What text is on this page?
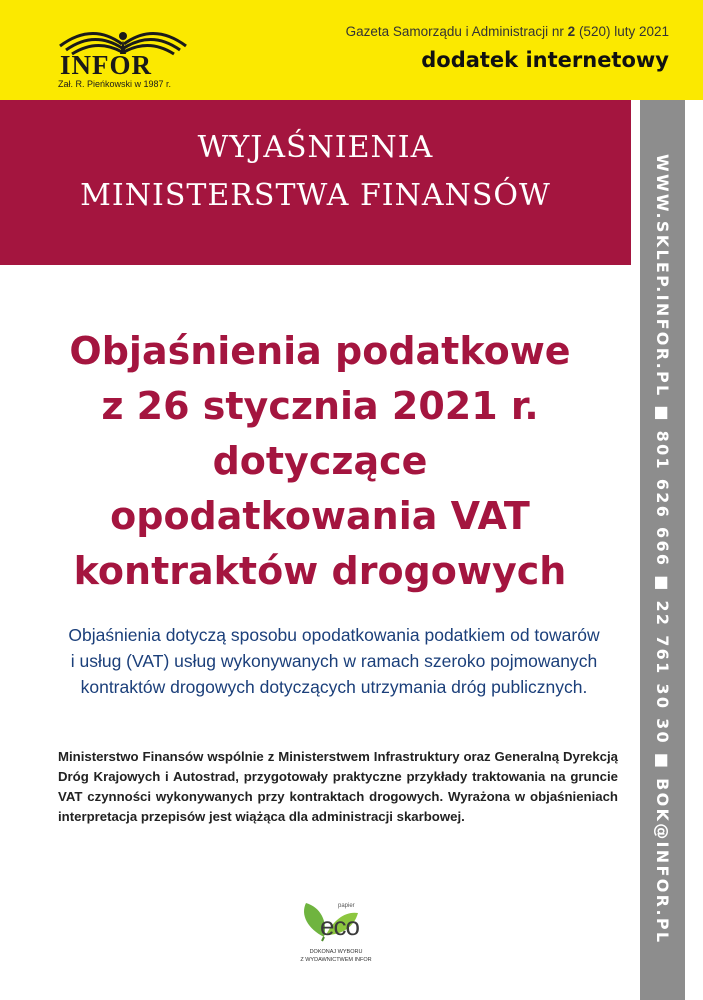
INFOR
Zał. R. Pieńkowski w 1987 r.
Gazeta Samorządu i Administracji nr 2 (520) luty 2021
dodatek internetowy
WYJAŚNIENIA
MINISTERSTWA FINANSÓW	WWW.SKLEP.INFOR.PL ■ 801 626 666 ■ 22 761 30 30 ■ BOK@INFOR.PL
Objaśnienia podatkowe
z 26 stycznia 2021 r.
dotyczące
opodatkowania VAT
kontraktów drogowych
Objaśnienia dotyczą sposobu opodatkowania podatkiem od towarów
i usług (VAT) usług wykonywanych w ramach szeroko pojmowanych
kontraktów drogowych dotyczących utrzymania dróg publicznych.
Ministerstwo Finansów wspólnie z Ministerstwem Infrastruktury oraz Generalną Dyrekcją Dróg Krajowych i Autostrad, przygotowały praktyczne przykłady traktowania na gruncie VAT czynności wykonywanych przy kontraktach drogowych. Wyrażona w objaśnieniach interpretacja przepisów jest wiążąca dla administracji skarbowej.
papier
eco
DOKONAJ WYBORU
Z WYDAWNICTWEM INFOR
